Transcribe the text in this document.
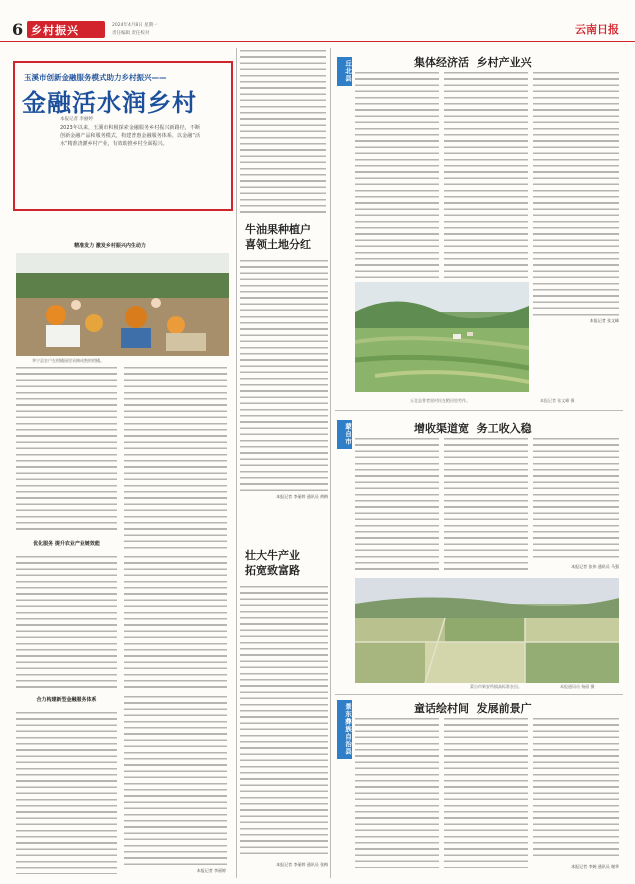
6 乡村振兴	2024年4月8日 星期一
责任编辑 责任校对	云南日报
玉溪市创新金融服务模式助力乡村振兴——
金融活水润乡村
本报记者 李丽婷
2023年以来，玉溪市积极探索金融服务乡村振兴新路径，不断创新金融产品和服务模式，构建普惠金融服务体系，以金融“活水”精准浇灌乡村产业，有效助推乡村全面振兴。
精准发力 激发乡村振兴内生动力
华宁县农户在柑橘园里采摘成熟的柑橘。
优化服务 提升农业产业链效能
合力构建新型金融服务体系
本报记者 李丽婷
牛油果种植户
喜领土地分红
本报记者 李丽婷 通讯员 黄梅
壮大牛产业
拓宽致富路
本报记者 李丽婷 通讯员 张梅
丘北县	集体经济活  乡村产业兴
本报记者 张文峰
丘北县普者黑村民在稻田里劳作。	本报记者 张文峰 摄
蒙自市	增收渠道宽  务工收入稳
本报记者 张伟 通讯员 马强
蒙自市新安所镇高标准农田。	本报通讯员 杨丽 摄
景东彝族自治县	童话绘村间  发展前景广
本报记者 李婉 通讯员 谢华
